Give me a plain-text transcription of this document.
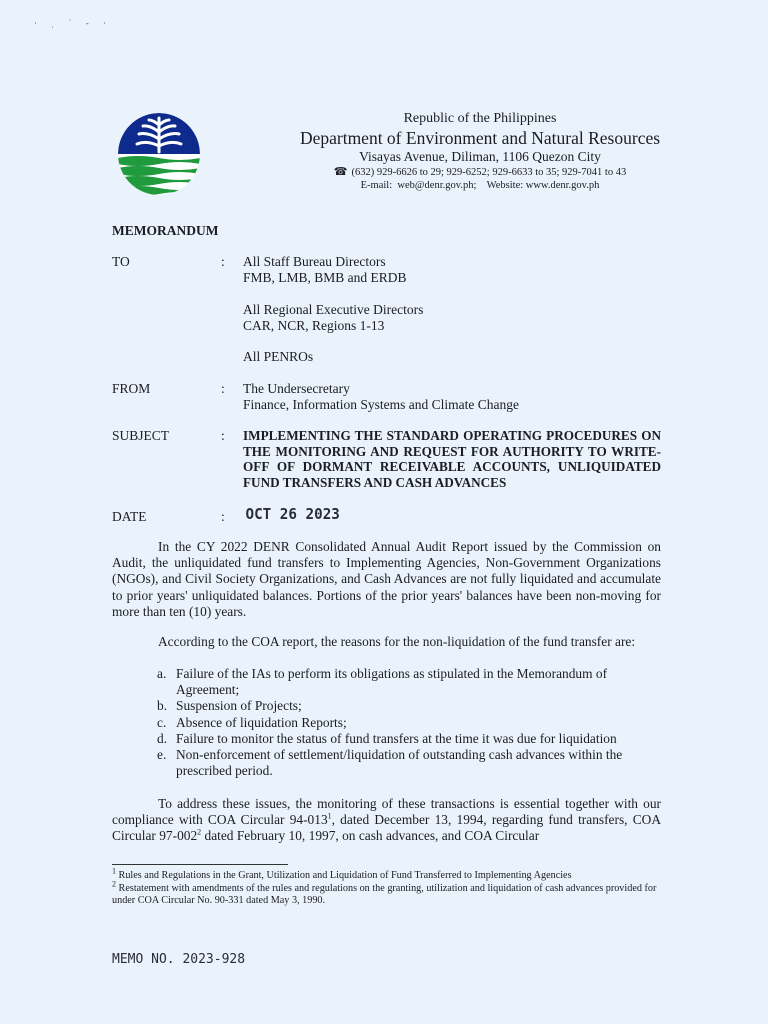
· ˌ ˈ ‐ ·
Republic of the Philippines
Department of Environment and Natural Resources
Visayas Avenue, Diliman, 1106 Quezon City
☎ (632) 929-6626 to 29; 929-6252; 929-6633 to 35; 929-7041 to 43
E-mail:  web@denr.gov.ph;    Website: www.denr.gov.ph
MEMORANDUM
TO	: All Staff Bureau Directors
FMB, LMB, BMB and ERDB
All Regional Executive Directors
CAR, NCR, Regions 1-13
All PENROs
FROM	: The Undersecretary
Finance, Information Systems and Climate Change
SUBJECT	: IMPLEMENTING THE STANDARD OPERATING PROCEDURES ON THE MONITORING AND REQUEST FOR AUTHORITY TO WRITE-OFF OF DORMANT RECEIVABLE ACCOUNTS, UNLIQUIDATED FUND TRANSFERS AND CASH ADVANCES
DATE	: OCT 26 2023
In the CY 2022 DENR Consolidated Annual Audit Report issued by the Commission on Audit, the unliquidated fund transfers to Implementing Agencies, Non-Government Organizations (NGOs), and Civil Society Organizations, and Cash Advances are not fully liquidated and accumulate to prior years' unliquidated balances. Portions of the prior years' balances have been non-moving for more than ten (10) years.
According to the COA report, the reasons for the non-liquidation of the fund transfer are:
a. Failure of the IAs to perform its obligations as stipulated in the Memorandum of Agreement;
b. Suspension of Projects;
c. Absence of liquidation Reports;
d. Failure to monitor the status of fund transfers at the time it was due for liquidation
e. Non-enforcement of settlement/liquidation of outstanding cash advances within the prescribed period.
To address these issues, the monitoring of these transactions is essential together with our compliance with COA Circular $94-013^1$, dated December 13, 1994, regarding fund transfers, COA Circular $97-002^2$ dated February 10, 1997, on cash advances, and COA Circular
$^1$ Rules and Regulations in the Grant, Utilization and Liquidation of Fund Transferred to Implementing Agencies
$^2$ Restatement with amendments of the rules and regulations on the granting, utilization and liquidation of cash advances provided for under COA Circular No. 90-331 dated May 3, 1990.
MEMO NO. 2023-928
